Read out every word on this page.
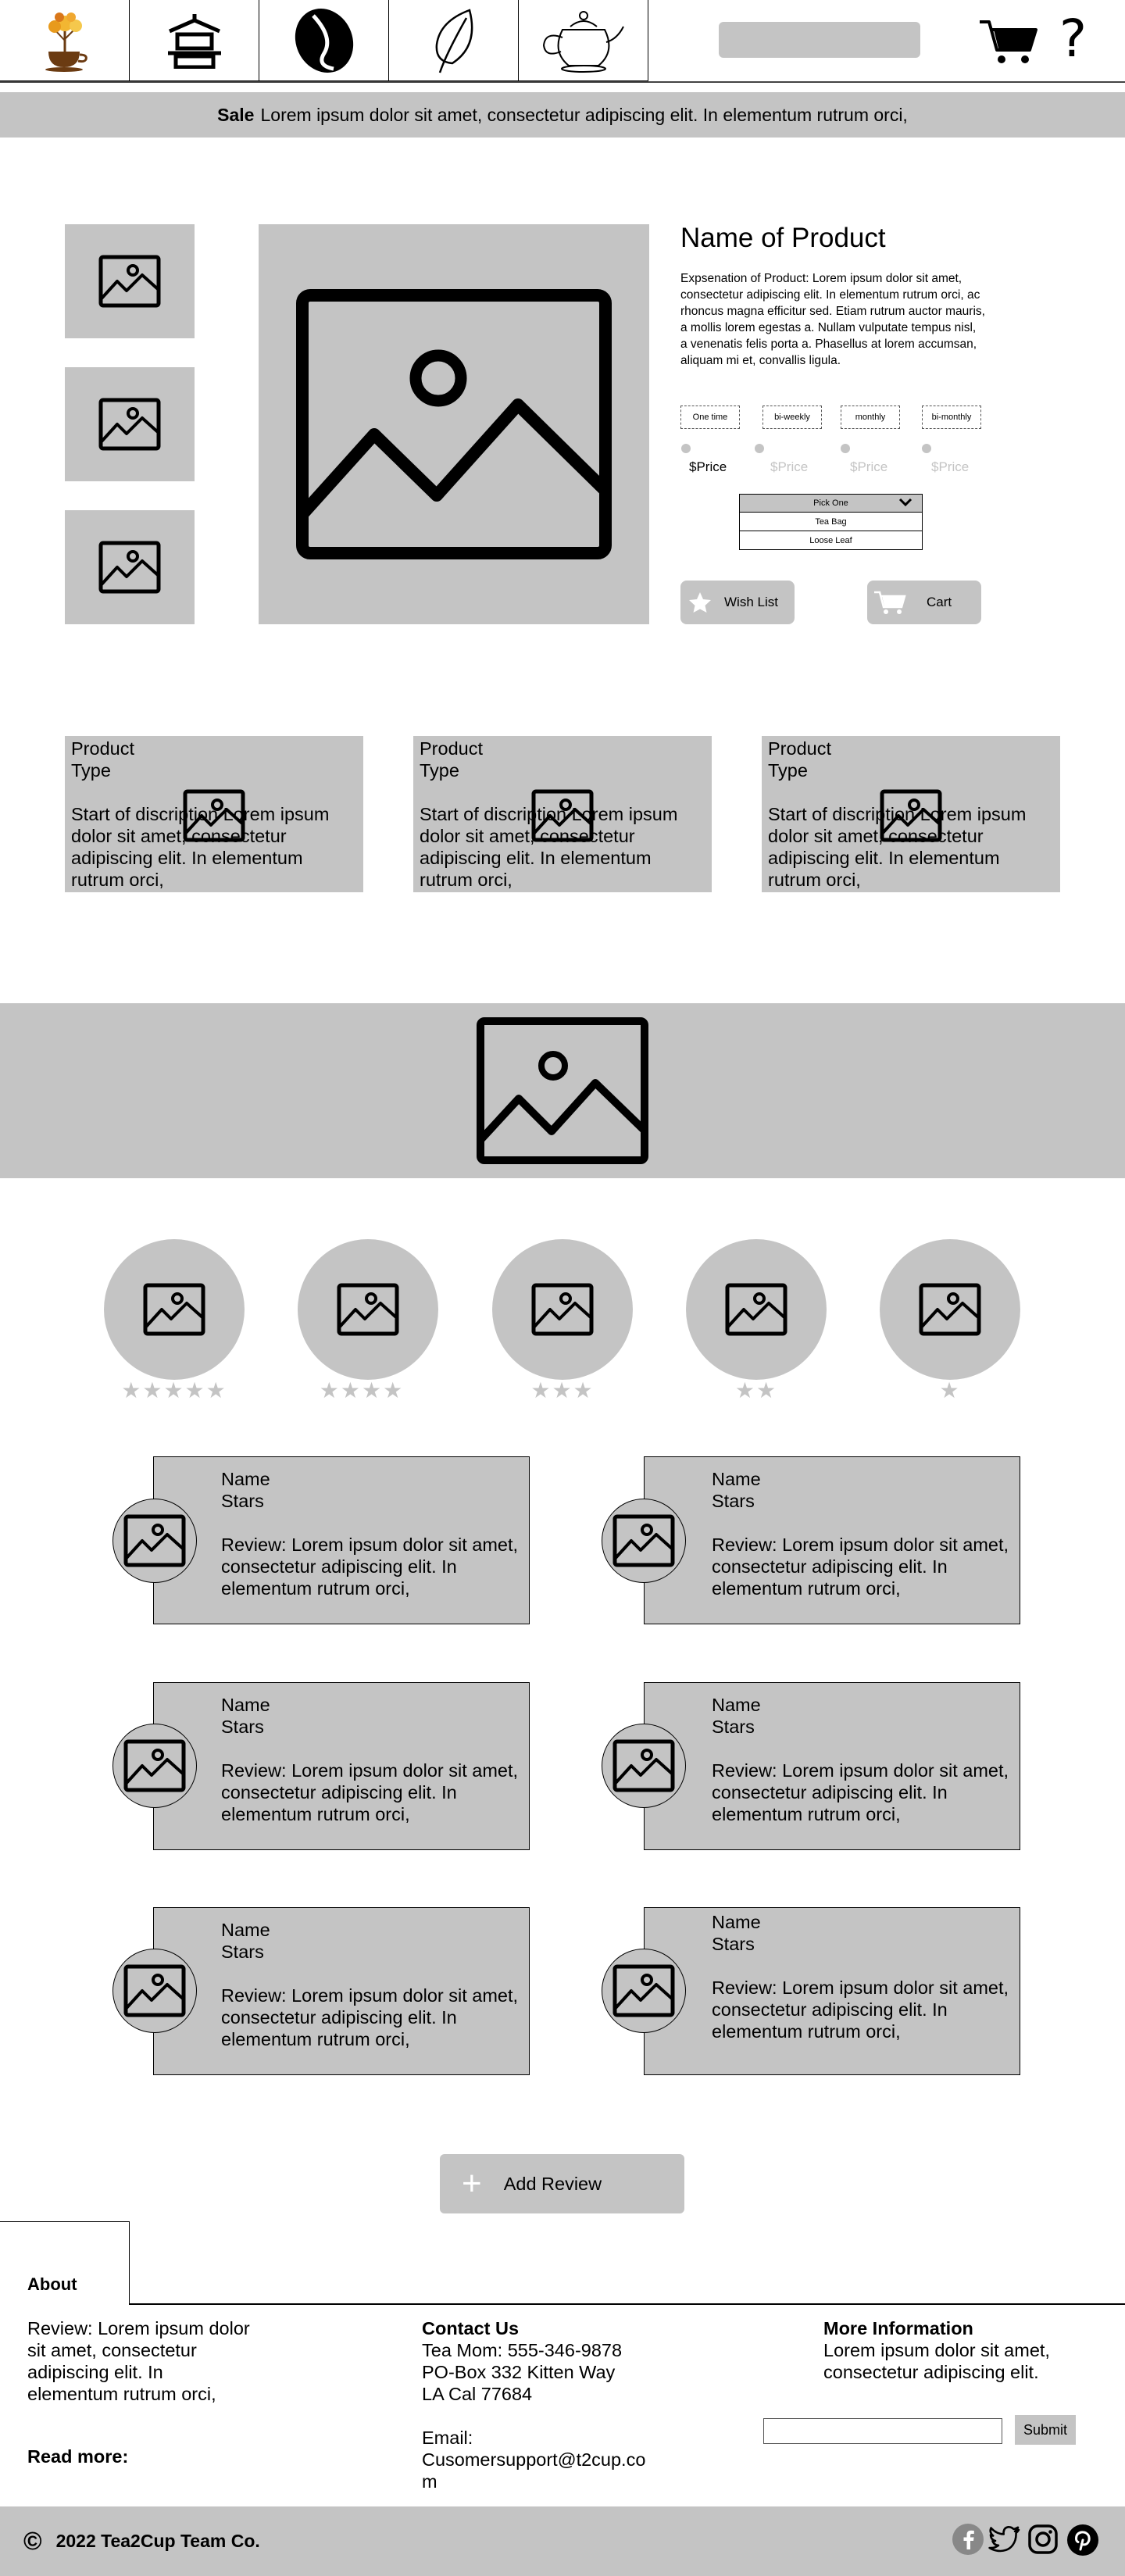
?
Sale Lorem ipsum dolor sit amet, consectetur adipiscing elit. In elementum rutrum orci,
Name of Product
Expsenation of Product: Lorem ipsum dolor sit amet, consectetur adipiscing elit. In elementum rutrum orci, ac rhoncus magna efficitur sed. Etiam rutrum auctor mauris, a mollis lorem egestas a. Nullam vulputate tempus nisl, a venenatis felis porta a. Phasellus at lorem accumsan, aliquam mi et, convallis ligula.
One time	bi-weekly	monthly	bi-monthly
$Price	$Price	$Price	$Price
Pick One
Tea Bag
Loose Leaf
Wish List	Cart
Product
Type
Start of discription Lorem ipsum dolor sit amet, consectetur adipiscing elit. In elementum rutrum orci,
Product
Type
Start of discription Lorem ipsum dolor sit amet, consectetur adipiscing elit. In elementum rutrum orci,
Product
Type
Start of discription Lorem ipsum dolor sit amet, consectetur adipiscing elit. In elementum rutrum orci,
★★★★★	★★★★	★★★	★★	★
Name
Stars
Review: Lorem ipsum dolor sit amet, consectetur adipiscing elit. In elementum rutrum orci,
Name
Stars
Review: Lorem ipsum dolor sit amet, consectetur adipiscing elit. In elementum rutrum orci,
Name
Stars
Review: Lorem ipsum dolor sit amet, consectetur adipiscing elit. In elementum rutrum orci,
Name
Stars
Review: Lorem ipsum dolor sit amet, consectetur adipiscing elit. In elementum rutrum orci,
Name
Stars
Review: Lorem ipsum dolor sit amet, consectetur adipiscing elit. In elementum rutrum orci,
Name
Stars
Review: Lorem ipsum dolor sit amet, consectetur adipiscing elit. In elementum rutrum orci,
+ Add Review
About
Review: Lorem ipsum dolor sit amet, consectetur adipiscing elit. In elementum rutrum orci,
Read more:
Contact Us
Tea Mom: 555-346-9878
PO-Box 332 Kitten Way
LA Cal 77684
Email:
Cusomersupport@t2cup.com
More Information
Lorem ipsum dolor sit amet, consectetur adipiscing elit.
Submit
© 2022 Tea2Cup Team Co.
